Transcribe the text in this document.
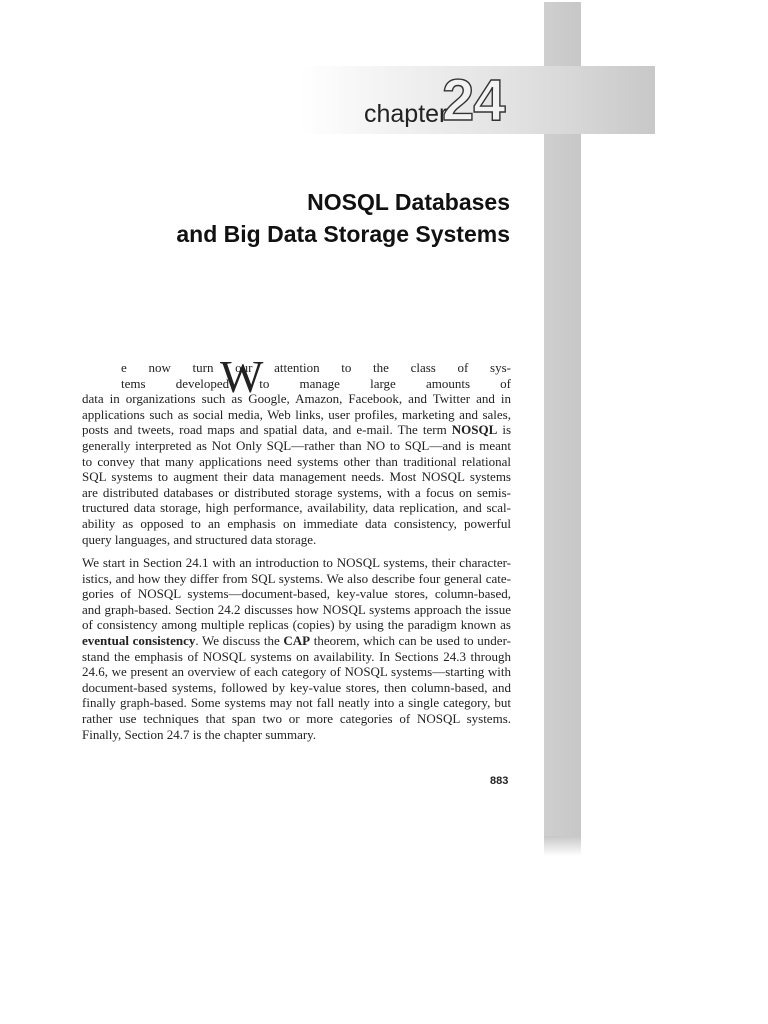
chapter
24
NOSQL Databases
and Big Data Storage Systems
W
e now turn our attention to the class of sys-
tems developed to manage large amounts of
data in organizations such as Google, Amazon, Facebook, and Twitter and in
applications such as social media, Web links, user profiles, marketing and sales,
posts and tweets, road maps and spatial data, and e-mail. The term NOSQL is
generally interpreted as Not Only SQL—rather than NO to SQL—and is meant
to convey that many applications need systems other than traditional relational
SQL systems to augment their data management needs. Most NOSQL systems
are distributed databases or distributed storage systems, with a focus on semis-
tructured data storage, high performance, availability, data replication, and scal-
ability as opposed to an emphasis on immediate data consistency, powerful
query languages, and structured data storage.
We start in Section 24.1 with an introduction to NOSQL systems, their character-
istics, and how they differ from SQL systems. We also describe four general cate-
gories of NOSQL systems—document-based, key-value stores, column-based,
and graph-based. Section 24.2 discusses how NOSQL systems approach the issue
of consistency among multiple replicas (copies) by using the paradigm known as
eventual consistency. We discuss the CAP theorem, which can be used to under-
stand the emphasis of NOSQL systems on availability. In Sections 24.3 through
24.6, we present an overview of each category of NOSQL systems—starting with
document-based systems, followed by key-value stores, then column-based, and
finally graph-based. Some systems may not fall neatly into a single category, but
rather use techniques that span two or more categories of NOSQL systems.
Finally, Section 24.7 is the chapter summary.
883
